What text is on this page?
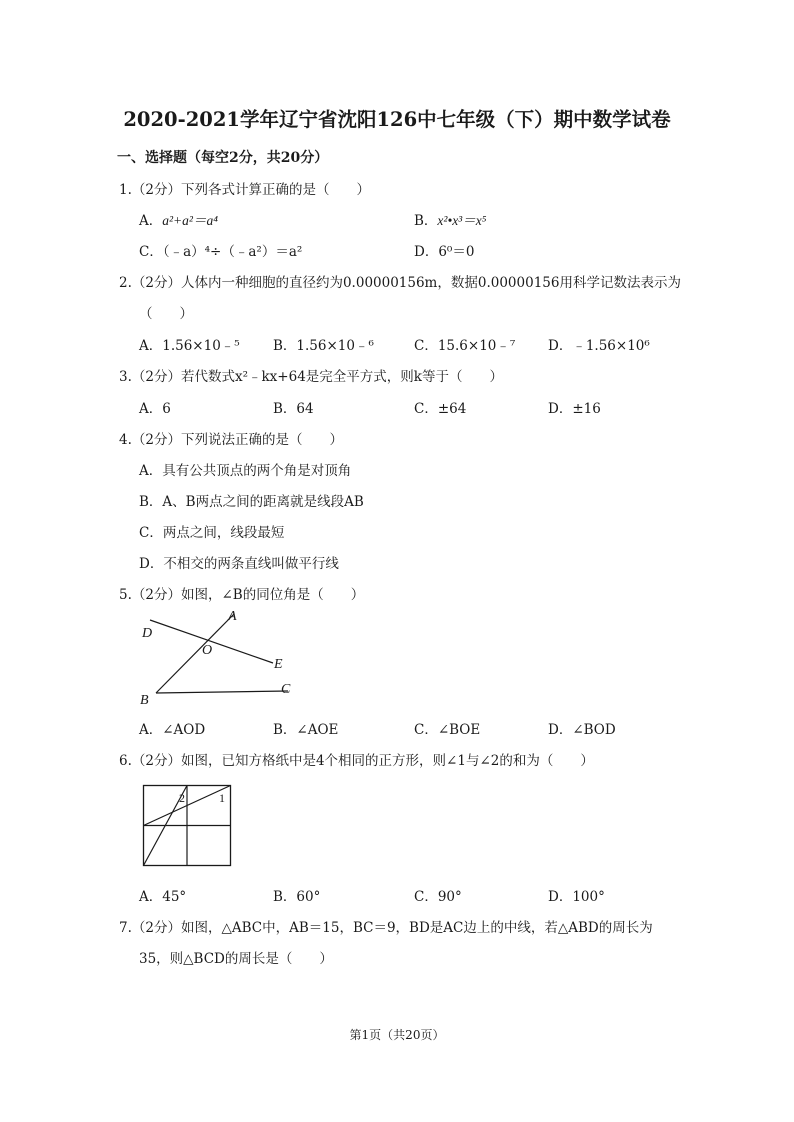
2020-2021学年辽宁省沈阳126中七年级（下）期中数学试卷
一、选择题（每空2分，共20分）
1.（2分）下列各式计算正确的是（　　）
A．a²+a²＝a⁴	B．x²•x³＝x⁵
C．（﹣a）⁴÷（﹣a²）＝a²	D．6⁰＝0
2.（2分）人体内一种细胞的直径约为0.00000156m，数据0.00000156用科学记数法表示为
（　　）
A．1.56×10﹣⁵ B．1.56×10﹣⁶	C．15.6×10﹣⁷ D．﹣1.56×10⁶
3.（2分）若代数式x²﹣kx+64是完全平方式，则k等于（　　）
A．6	B．64	C．±64	D．±16
4.（2分）下列说法正确的是（　　）
A．具有公共顶点的两个角是对顶角
B．A、B两点之间的距离就是线段AB
C．两点之间，线段最短
D．不相交的两条直线叫做平行线
5.（2分）如图，∠B的同位角是（　　）
A
B
C
D
E
O
A．∠AOD	B．∠AOE	C．∠BOE	D．∠BOD
6.（2分）如图，已知方格纸中是4个相同的正方形，则∠1与∠2的和为（　　）
2	1
A．45°	B．60°	C．90°	D．100°
7.（2分）如图，△ABC中，AB＝15，BC＝9，BD是AC边上的中线，若△ABD的周长为
35，则△BCD的周长是（　　）
第1页（共20页）
